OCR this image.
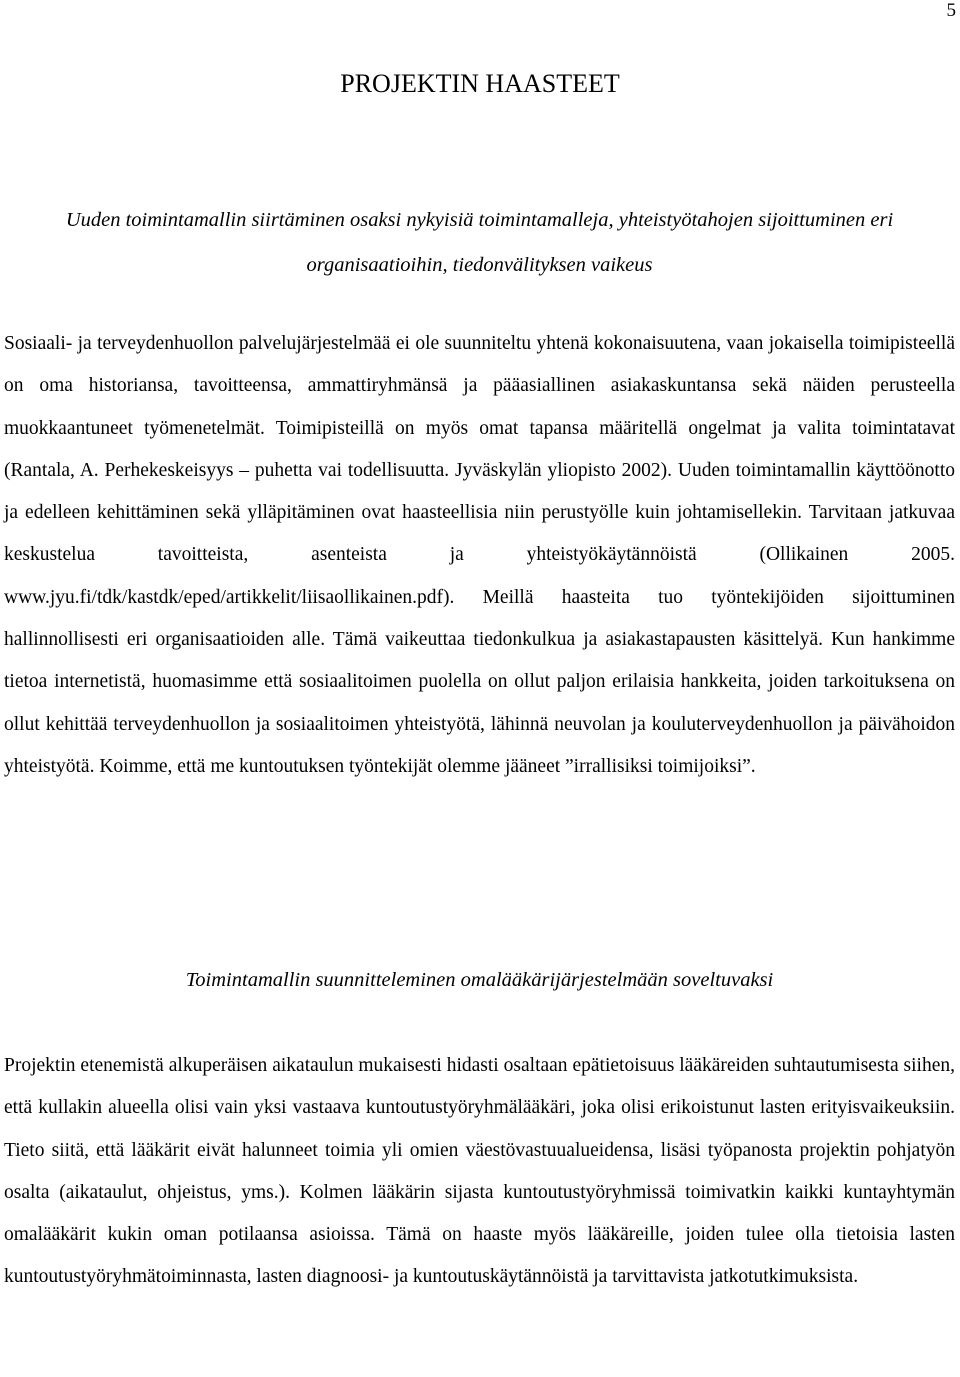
5
PROJEKTIN HAASTEET
Uuden toimintamallin siirtäminen osaksi nykyisiä toimintamalleja, yhteistyötahojen sijoittuminen eri organisaatioihin, tiedonvälityksen vaikeus

Sosiaali- ja terveydenhuollon palvelujärjestelmää ei ole suunniteltu yhtenä kokonaisuutena, vaan jokaisella toimipisteellä on oma historiansa, tavoitteensa, ammattiryhmänsä ja pääasiallinen asiakaskuntansa sekä näiden perusteella muokkaantuneet työmenetelmät. Toimipisteillä on myös omat tapansa määritellä ongelmat ja valita toimintatavat (Rantala, A. Perhekeskeisyys – puhetta vai todellisuutta. Jyväskylän yliopisto 2002). Uuden toimintamallin käyttöönotto ja edelleen kehittäminen sekä ylläpitäminen ovat haasteellisia niin perustyölle kuin johtamisellekin. Tarvitaan jatkuvaa keskustelua tavoitteista, asenteista ja yhteistyökäytännöistä (Ollikainen 2005. www.jyu.fi/tdk/kastdk/eped/artikkelit/liisaollikainen.pdf). Meillä haasteita tuo työntekijöiden sijoittuminen hallinnollisesti eri organisaatioiden alle. Tämä vaikeuttaa tiedonkulkua ja asiakastapausten käsittelyä. Kun hankimme tietoa internetistä, huomasimme että sosiaalitoimen puolella on ollut paljon erilaisia hankkeita, joiden tarkoituksena on ollut kehittää terveydenhuollon ja sosiaalitoimen yhteistyötä, lähinnä neuvolan ja kouluterveydenhuollon ja päivähoidon yhteistyötä. Koimme, että me kuntoutuksen työntekijät olemme jääneet ”irrallisiksi toimijoiksi”.

Toimintamallin suunnitteleminen omalääkärijärjestelmään soveltuvaksi

Projektin etenemistä alkuperäisen aikataulun mukaisesti hidasti osaltaan epätietoisuus lääkäreiden suhtautumisesta siihen, että kullakin alueella olisi vain yksi vastaava kuntoutustyöryhmälääkäri, joka olisi erikoistunut lasten erityisvaikeuksiin. Tieto siitä, että lääkärit eivät halunneet toimia yli omien väestövastuualueidensa, lisäsi työpanosta projektin pohjatyön osalta (aikataulut, ohjeistus, yms.). Kolmen lääkärin sijasta kuntoutustyöryhmissä toimivatkin kaikki kuntayhtymän omalääkärit kukin oman potilaansa asioissa. Tämä on haaste myös lääkäreille, joiden tulee olla tietoisia lasten kuntoutustyöryhmätoiminnasta, lasten diagnoosi- ja kuntoutuskäytännöistä ja tarvittavista jatkotutkimuksista.
